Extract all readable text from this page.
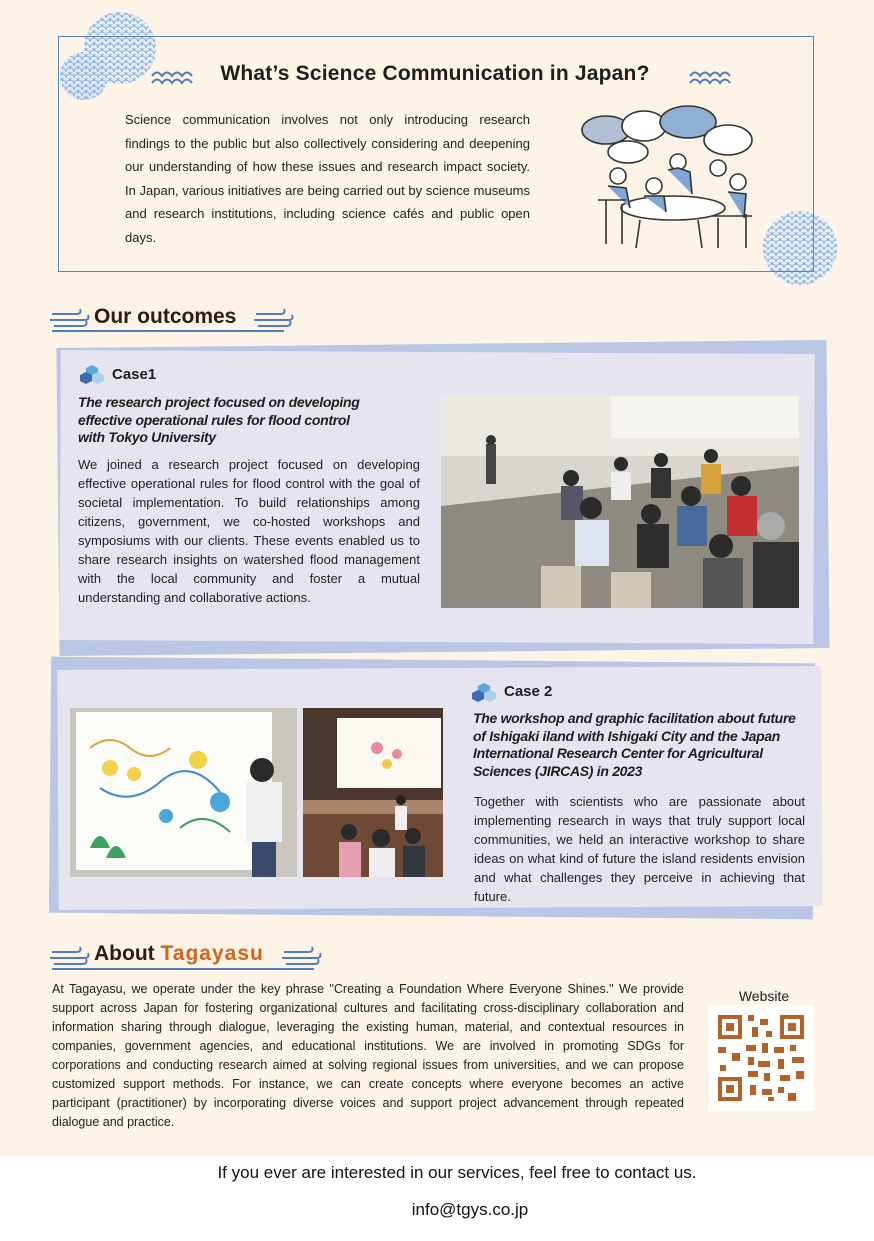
What’s Science Communication in Japan?
Science communication involves not only introducing research findings to the public but also collectively considering and deepening our understanding of how these issues and research impact society. In Japan, various initiatives are being carried out by science museums and research institutions, including science cafés and public open days.
Our outcomes
Case1
The research project focused on developing effective operational rules for flood control with Tokyo University
We joined a research project focused on developing effective operational rules for flood control with the goal of societal implementation. To build relationships among citizens, government, we co-hosted workshops and symposiums with our clients. These events enabled us to share research insights on watershed flood management with the local community and foster a mutual understanding and collaborative actions.
Case 2
The workshop and graphic facilitation about future of Ishigaki iland with Ishigaki City and the Japan International Research Center for Agricultural Sciences (JIRCAS) in 2023
Together with scientists who are passionate about implementing research in ways that truly support local communities, we held an interactive workshop to share ideas on what kind of future the island residents envision and what challenges they perceive in achieving that future.
About Tagayasu
At Tagayasu, we operate under the key phrase "Creating a Foundation Where Everyone Shines." We provide support across Japan for fostering organizational cultures and facilitating cross-disciplinary collaboration and information sharing through dialogue, leveraging the existing human, material, and contextual resources in companies, government agencies, and educational institutions. We are involved in promoting SDGs for corporations and conducting research aimed at solving regional issues from universities, and we can propose customized support methods. For instance, we can create concepts where everyone becomes an active participant (practitioner) by incorporating diverse voices and support project advancement through repeated dialogue and practice.
Website
If you ever are interested in our services, feel free to contact us.
info@tgys.co.jp
